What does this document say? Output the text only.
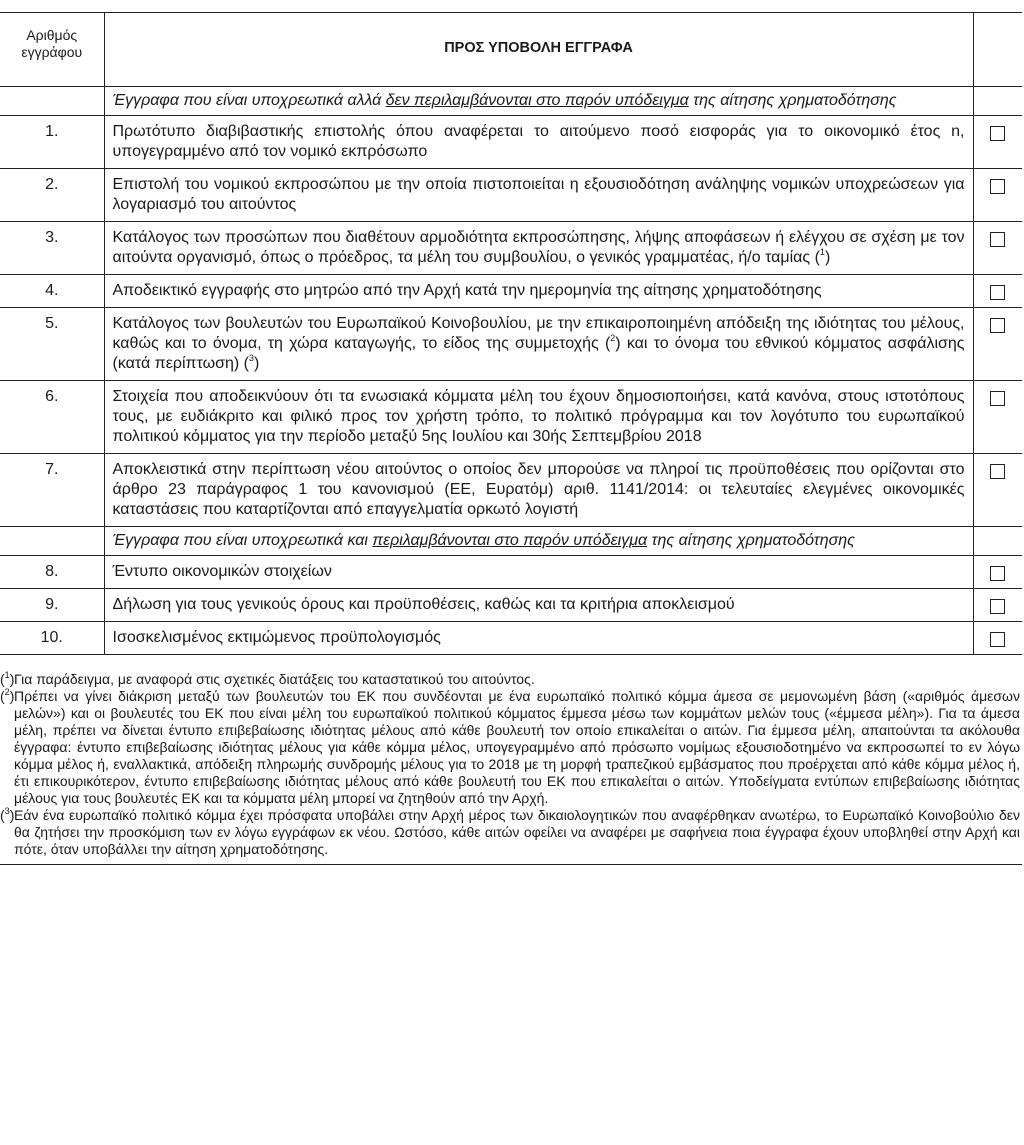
Αριθμός εγγράφου	ΠΡΟΣ ΥΠΟΒΟΛΗ ΕΓΓΡΑΦΑ	
	Έγγραφα που είναι υποχρεωτικά αλλά δεν περιλαμβάνονται στο παρόν υπόδειγμα της αίτησης χρηματοδότησης	
1.	Πρωτότυπο διαβιβαστικής επιστολής όπου αναφέρεται το αιτούμενο ποσό εισφοράς για το οικονομικό έτος n, υπογεγραμμένο από τον νομικό εκπρόσωπο	

2.	Επιστολή του νομικού εκπροσώπου με την οποία πιστοποιείται η εξουσιοδότηση ανάληψης νομικών υποχρεώσεων για λογαριασμό του αιτούντος	

3.	Κατάλογος των προσώπων που διαθέτουν αρμοδιότητα εκπροσώπησης, λήψης αποφάσεων ή ελέγχου σε σχέση με τον αιτούντα οργανισμό, όπως ο πρόεδρος, τα μέλη του συμβουλίου, ο γενικός γραμματέας, ή/ο ταμίας ($^1$)	

4.	Αποδεικτικό εγγραφής στο μητρώο από την Αρχή κατά την ημερομηνία της αίτησης χρηματοδότησης	

5.	Κατάλογος των βουλευτών του Ευρωπαϊκού Κοινοβουλίου, με την επικαιροποιημένη απόδειξη της ιδιότητας του μέλους, καθώς και το όνομα, τη χώρα καταγωγής, το είδος της συμμετοχής ($^2$) και το όνομα του εθνικού κόμματος ασφάλισης (κατά περίπτωση) ($^3$)	

6.	Στοιχεία που αποδεικνύουν ότι τα ενωσιακά κόμματα μέλη του έχουν δημοσιοποιήσει, κατά κανόνα, στους ιστοτόπους τους, με ευδιάκριτο και φιλικό προς τον χρήστη τρόπο, το πολιτικό πρόγραμμα και τον λογότυπο του ευρωπαϊκού πολιτικού κόμματος για την περίοδο μεταξύ 5ης Ιουλίου και 30ής Σεπτεμβρίου 2018	

7.	Αποκλειστικά στην περίπτωση νέου αιτούντος ο οποίος δεν μπορούσε να πληροί τις προϋποθέσεις που ορίζονται στο άρθρο 23 παράγραφος 1 του κανονισμού (ΕΕ, Ευρατόμ) αριθ. 1141/2014: οι τελευταίες ελεγμένες οικονομικές καταστάσεις που καταρτίζονται από επαγγελματία ορκωτό λογιστή	

	Έγγραφα που είναι υποχρεωτικά και περιλαμβάνονται στο παρόν υπόδειγμα της αίτησης χρηματοδότησης	
8.	Έντυπο οικονομικών στοιχείων	

9.	Δήλωση για τους γενικούς όρους και προϋποθέσεις, καθώς και τα κριτήρια αποκλεισμού	

10.	Ισοσκελισμένος εκτιμώμενος προϋπολογισμός	
($^1$) Για παράδειγμα, με αναφορά στις σχετικές διατάξεις του καταστατικού του αιτούντος.
($^2$) Πρέπει να γίνει διάκριση μεταξύ των βουλευτών του ΕΚ που συνδέονται με ένα ευρωπαϊκό πολιτικό κόμμα άμεσα σε μεμονωμένη βάση («αριθμός άμεσων μελών») και οι βουλευτές του ΕΚ που είναι μέλη του ευρωπαϊκού πολιτικού κόμματος έμμεσα μέσω των κομμάτων μελών τους («έμμεσα μέλη»). Για τα άμεσα μέλη, πρέπει να δίνεται έντυπο επιβεβαίωσης ιδιότητας μέλους από κάθε βουλευτή τον οποίο επικαλείται ο αιτών. Για έμμεσα μέλη, απαιτούνται τα ακόλουθα έγγραφα: έντυπο επιβεβαίωσης ιδιότητας μέλους για κάθε κόμμα μέλος, υπογεγραμμένο από πρόσωπο νομίμως εξουσιοδοτημένο να εκπροσωπεί το εν λόγω κόμμα μέλος ή, εναλλακτικά, απόδειξη πληρωμής συνδρομής μέλους για το 2018 με τη μορφή τραπεζικού εμβάσματος που προέρχεται από κάθε κόμμα μέλος ή, έτι επικουρικότερον, έντυπο επιβεβαίωσης ιδιότητας μέλους από κάθε βουλευτή του ΕΚ που επικαλείται ο αιτών. Υποδείγματα εντύπων επιβεβαίωσης ιδιότητας μέλους για τους βουλευτές ΕΚ και τα κόμματα μέλη μπορεί να ζητηθούν από την Αρχή.
($^3$) Εάν ένα ευρωπαϊκό πολιτικό κόμμα έχει πρόσφατα υποβάλει στην Αρχή μέρος των δικαιολογητικών που αναφέρθηκαν ανωτέρω, το Ευρωπαϊκό Κοινοβούλιο δεν θα ζητήσει την προσκόμιση των εν λόγω εγγράφων εκ νέου. Ωστόσο, κάθε αιτών οφείλει να αναφέρει με σαφήνεια ποια έγγραφα έχουν υποβληθεί στην Αρχή και πότε, όταν υποβάλλει την αίτηση χρηματοδότησης.
